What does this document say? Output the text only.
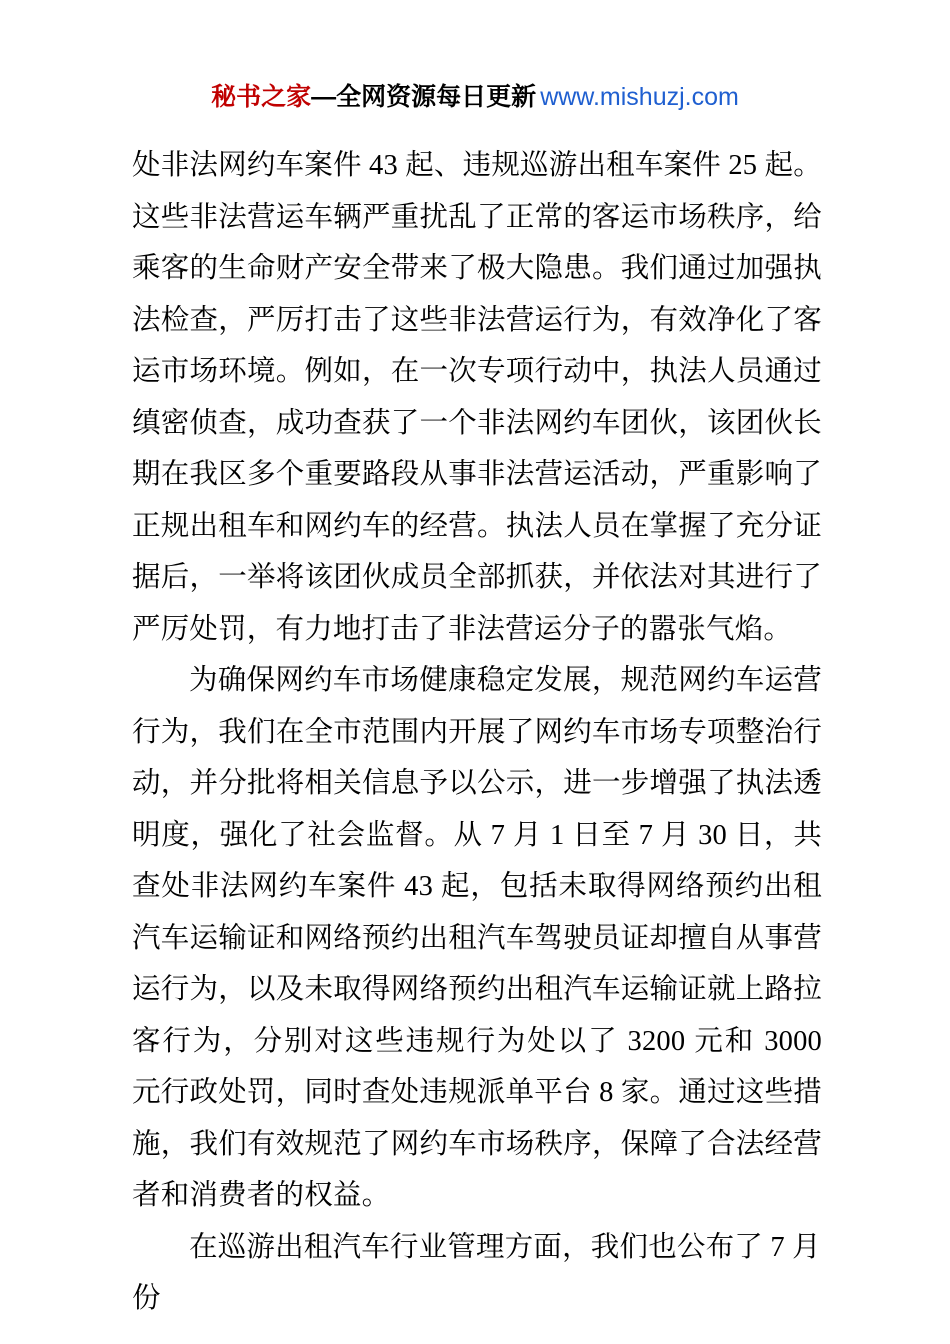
秘书之家—全网资源每日更新 www.mishuzj.com

处非法网约车案件 43 起、违规巡游出租车案件 25 起。这些非法营运车辆严重扰乱了正常的客运市场秩序，给乘客的生命财产安全带来了极大隐患。我们通过加强执法检查，严厉打击了这些非法营运行为，有效净化了客运市场环境。例如，在一次专项行动中，执法人员通过缜密侦查，成功查获了一个非法网约车团伙，该团伙长期在我区多个重要路段从事非法营运活动，严重影响了正规出租车和网约车的经营。执法人员在掌握了充分证据后，一举将该团伙成员全部抓获，并依法对其进行了严厉处罚，有力地打击了非法营运分子的嚣张气焰。

为确保网约车市场健康稳定发展，规范网约车运营行为，我们在全市范围内开展了网约车市场专项整治行动，并分批将相关信息予以公示，进一步增强了执法透明度，强化了社会监督。从 7 月 1 日至 7 月 30 日，共查处非法网约车案件 43 起，包括未取得网络预约出租汽车运输证和网络预约出租汽车驾驶员证却擅自从事营运行为，以及未取得网络预约出租汽车运输证就上路拉客行为，分别对这些违规行为处以了 3200 元和 3000 元行政处罚，同时查处违规派单平台 8 家。通过这些措施，我们有效规范了网约车市场秩序，保障了合法经营者和消费者的权益。

在巡游出租汽车行业管理方面，我们也公布了 7 月份
